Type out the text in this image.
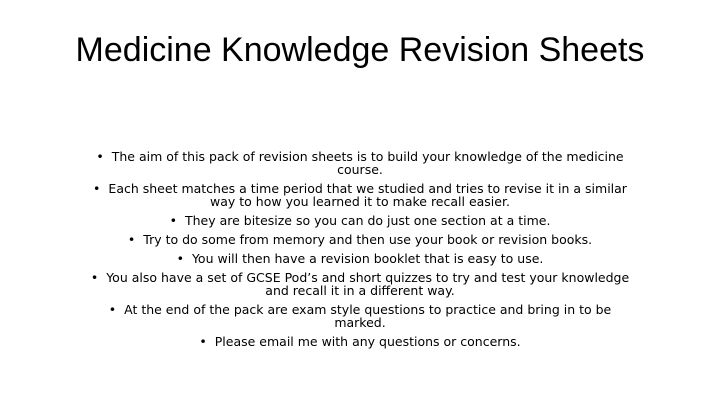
Medicine Knowledge Revision Sheets
• The aim of this pack of revision sheets is to build your knowledge of the medicine course.
• Each sheet matches a time period that we studied and tries to revise it in a similar way to how you learned it to make recall easier.
• They are bitesize so you can do just one section at a time.
• Try to do some from memory and then use your book or revision books.
• You will then have a revision booklet that is easy to use.
• You also have a set of GCSE Pod’s and short quizzes to try and test your knowledge and recall it in a different way.
• At the end of the pack are exam style questions to practice and bring in to be marked.
• Please email me with any questions or concerns.
